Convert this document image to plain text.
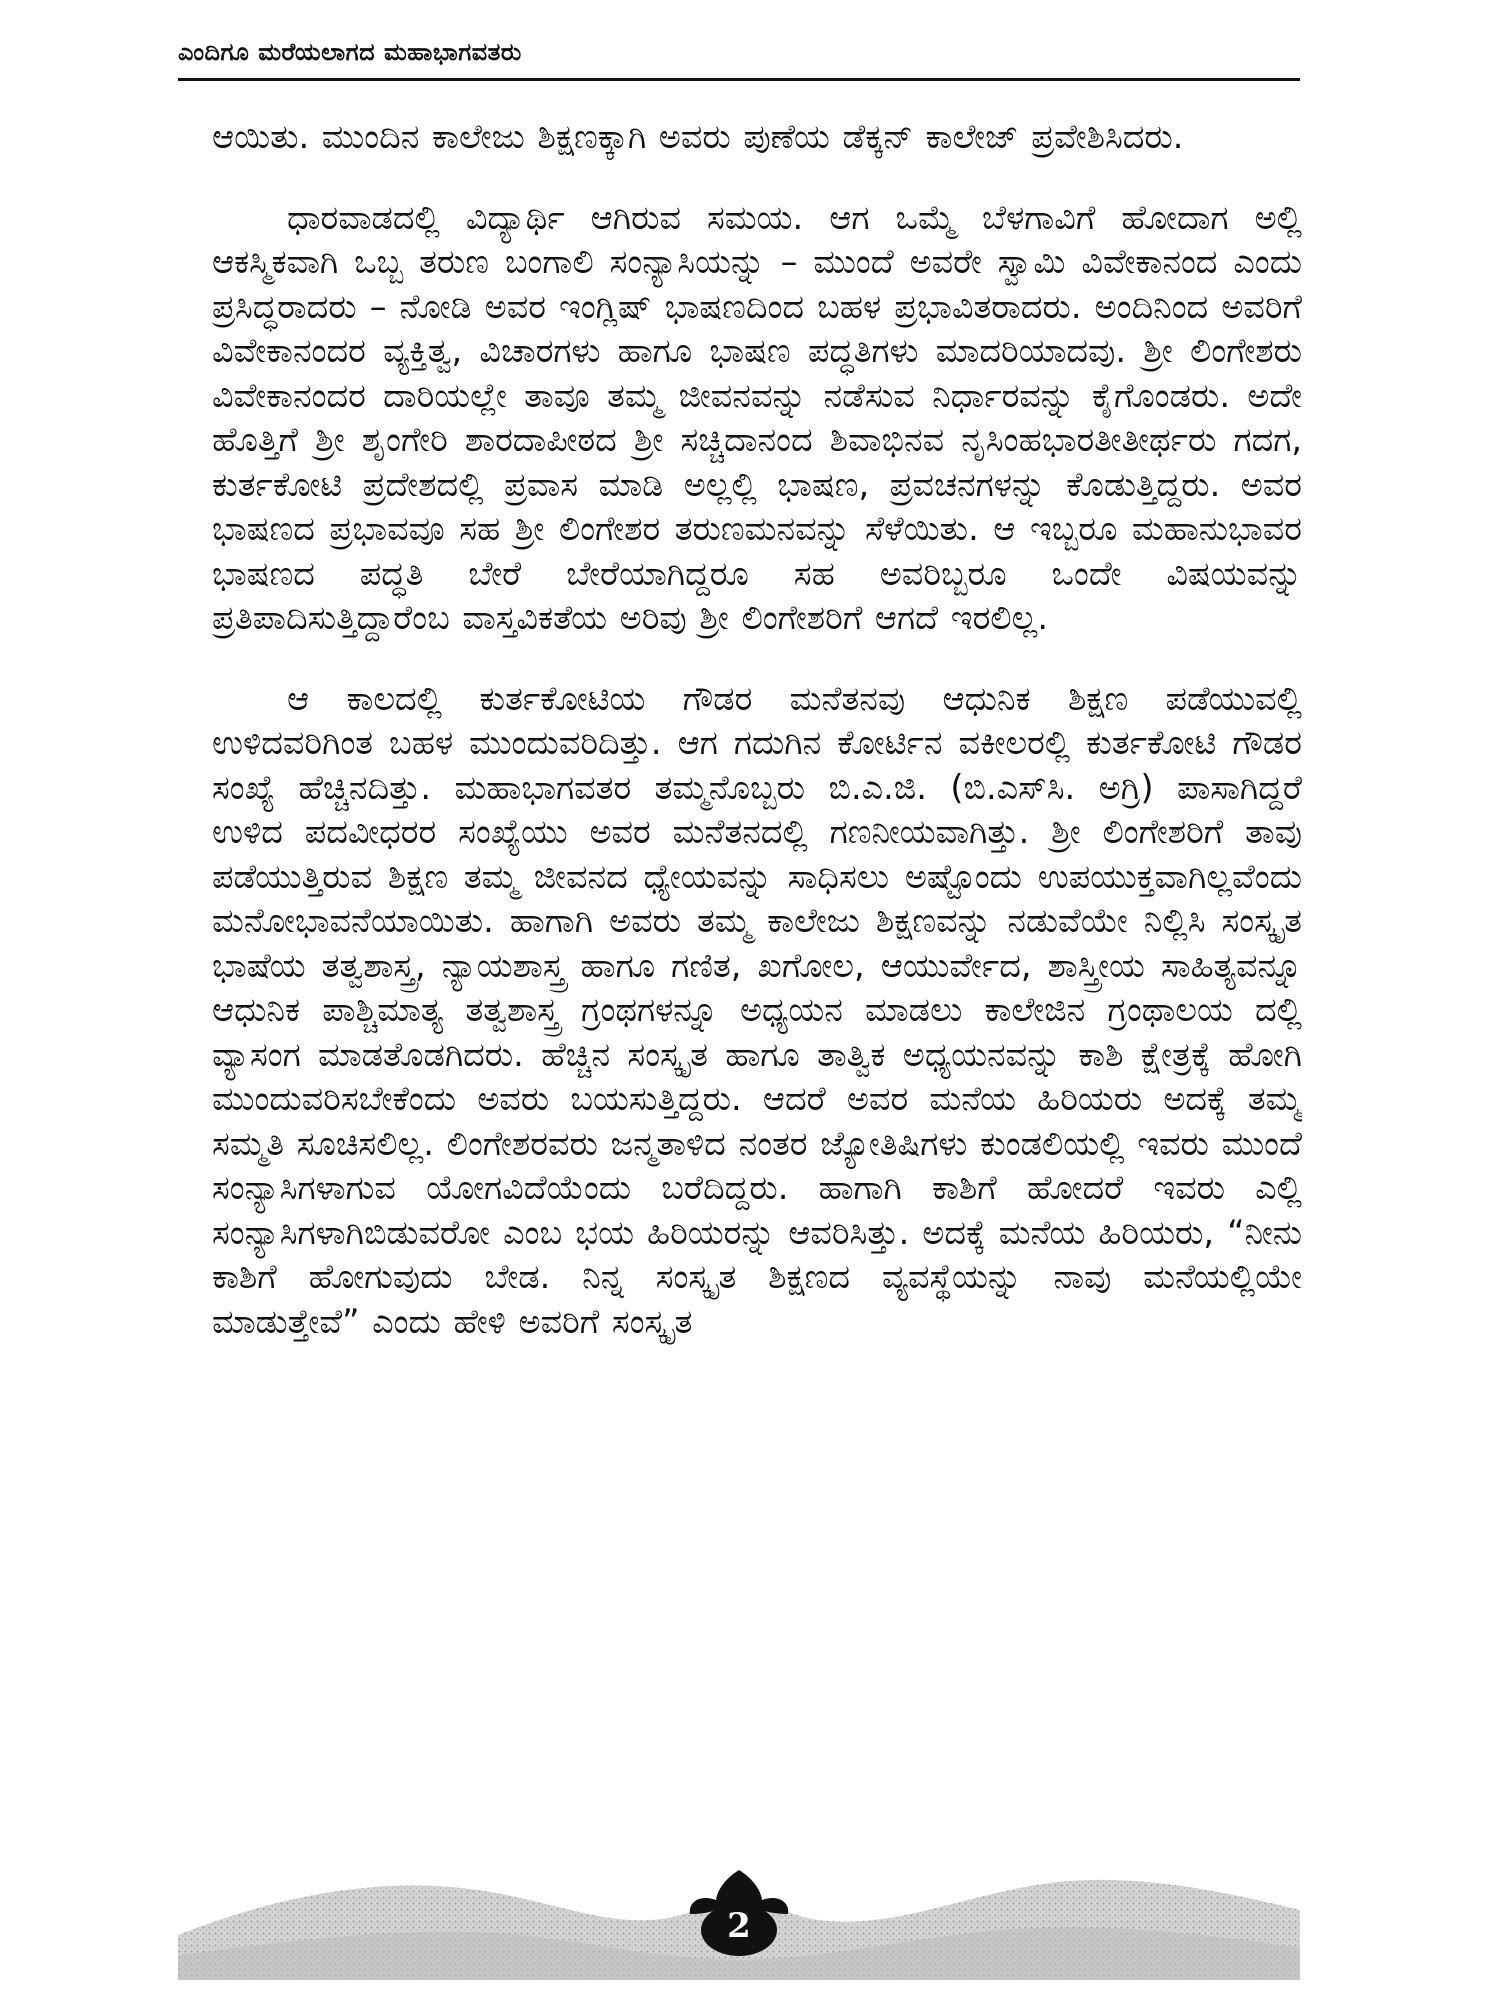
ಎಂದಿಗೂ ಮರೆಯಲಾಗದ ಮಹಾಭಾಗವತರು

ಆಯಿತು. ಮುಂದಿನ ಕಾಲೇಜು ಶಿಕ್ಷಣಕ್ಕಾಗಿ ಅವರು ಪುಣೆಯ ಡೆಕ್ಕನ್ ಕಾಲೇಜ್ ಪ್ರವೇಶಿಸಿದರು.

ಧಾರವಾಡದಲ್ಲಿ ವಿದ್ಯಾರ್ಥಿ ಆಗಿರುವ ಸಮಯ. ಆಗ ಒಮ್ಮೆ ಬೆಳಗಾವಿಗೆ ಹೋದಾಗ ಅಲ್ಲಿ ಆಕಸ್ಮಿಕವಾಗಿ ಒಬ್ಬ ತರುಣ ಬಂಗಾಲಿ ಸಂನ್ಯಾಸಿಯನ್ನು – ಮುಂದೆ ಅವರೇ ಸ್ವಾಮಿ ವಿವೇಕಾನಂದ ಎಂದು ಪ್ರಸಿದ್ಧರಾದರು – ನೋಡಿ ಅವರ ಇಂಗ್ಲಿಷ್ ಭಾಷಣದಿಂದ ಬಹಳ ಪ್ರಭಾವಿತರಾದರು. ಅಂದಿನಿಂದ ಅವರಿಗೆ ವಿವೇಕಾನಂದರ ವ್ಯಕ್ತಿತ್ವ, ವಿಚಾರಗಳು ಹಾಗೂ ಭಾಷಣ ಪದ್ಧತಿಗಳು ಮಾದರಿಯಾದವು. ಶ್ರೀ ಲಿಂಗೇಶರು ವಿವೇಕಾನಂದರ ದಾರಿಯಲ್ಲೇ ತಾವೂ ತಮ್ಮ ಜೀವನವನ್ನು ನಡೆಸುವ ನಿರ್ಧಾರವನ್ನು ಕೈಗೊಂಡರು. ಅದೇ ಹೊತ್ತಿಗೆ ಶ್ರೀ ಶೃಂಗೇರಿ ಶಾರದಾಪೀಠದ ಶ್ರೀ ಸಚ್ಚಿದಾನಂದ ಶಿವಾಭಿನವ ನೃಸಿಂಹಭಾರತೀತೀರ್ಥರು ಗದಗ, ಕುರ್ತಕೋಟಿ ಪ್ರದೇಶದಲ್ಲಿ ಪ್ರವಾಸ ಮಾಡಿ ಅಲ್ಲಲ್ಲಿ ಭಾಷಣ, ಪ್ರವಚನಗಳನ್ನು ಕೊಡುತ್ತಿದ್ದರು. ಅವರ ಭಾಷಣದ ಪ್ರಭಾವವೂ ಸಹ ಶ್ರೀ ಲಿಂಗೇಶರ ತರುಣಮನವನ್ನು ಸೆಳೆಯಿತು. ಆ ಇಬ್ಬರೂ ಮಹಾನುಭಾವರ ಭಾಷಣದ ಪದ್ಧತಿ ಬೇರೆ ಬೇರೆಯಾಗಿದ್ದರೂ ಸಹ ಅವರಿಬ್ಬರೂ ಒಂದೇ ವಿಷಯವನ್ನು ಪ್ರತಿಪಾದಿಸುತ್ತಿದ್ದಾರೆಂಬ ವಾಸ್ತವಿಕತೆಯ ಅರಿವು ಶ್ರೀ ಲಿಂಗೇಶರಿಗೆ ಆಗದೆ ಇರಲಿಲ್ಲ.

ಆ ಕಾಲದಲ್ಲಿ ಕುರ್ತಕೋಟಿಯ ಗೌಡರ ಮನೆತನವು ಆಧುನಿಕ ಶಿಕ್ಷಣ ಪಡೆಯುವಲ್ಲಿ ಉಳಿದವರಿಗಿಂತ ಬಹಳ ಮುಂದುವರಿದಿತ್ತು. ಆಗ ಗದುಗಿನ ಕೋರ್ಟಿನ ವಕೀಲರಲ್ಲಿ ಕುರ್ತಕೋಟಿ ಗೌಡರ ಸಂಖ್ಯೆ ಹೆಚ್ಚಿನದಿತ್ತು. ಮಹಾಭಾಗವತರ ತಮ್ಮನೊಬ್ಬರು ಬಿ.ಎ.ಜಿ. (ಬಿ.ಎಸ್‌ಸಿ. ಅಗ್ರಿ) ಪಾಸಾಗಿದ್ದರೆ ಉಳಿದ ಪದವೀಧರರ ಸಂಖ್ಯೆಯು ಅವರ ಮನೆತನದಲ್ಲಿ ಗಣನೀಯವಾಗಿತ್ತು. ಶ್ರೀ ಲಿಂಗೇಶರಿಗೆ ತಾವು ಪಡೆಯುತ್ತಿರುವ ಶಿಕ್ಷಣ ತಮ್ಮ ಜೀವನದ ಧ್ಯೇಯವನ್ನು ಸಾಧಿಸಲು ಅಷ್ಟೊಂದು ಉಪಯುಕ್ತವಾಗಿಲ್ಲವೆಂದು ಮನೋಭಾವನೆಯಾಯಿತು. ಹಾಗಾಗಿ ಅವರು ತಮ್ಮ ಕಾಲೇಜು ಶಿಕ್ಷಣವನ್ನು ನಡುವೆಯೇ ನಿಲ್ಲಿಸಿ ಸಂಸ್ಕೃತ ಭಾಷೆಯ ತತ್ವಶಾಸ್ತ್ರ, ನ್ಯಾಯಶಾಸ್ತ್ರ ಹಾಗೂ ಗಣಿತ, ಖಗೋಲ, ಆಯುರ್ವೇದ, ಶಾಸ್ತ್ರೀಯ ಸಾಹಿತ್ಯವನ್ನೂ ಆಧುನಿಕ ಪಾಶ್ಚಿಮಾತ್ಯ ತತ್ವಶಾಸ್ತ್ರ ಗ್ರಂಥಗಳನ್ನೂ ಅಧ್ಯಯನ ಮಾಡಲು ಕಾಲೇಜಿನ ಗ್ರಂಥಾಲಯ ದಲ್ಲಿ ವ್ಯಾಸಂಗ ಮಾಡತೊಡಗಿದರು. ಹೆಚ್ಚಿನ ಸಂಸ್ಕೃತ ಹಾಗೂ ತಾತ್ವಿಕ ಅಧ್ಯಯನವನ್ನು ಕಾಶಿ ಕ್ಷೇತ್ರಕ್ಕೆ ಹೋಗಿ ಮುಂದುವರಿಸಬೇಕೆಂದು ಅವರು ಬಯಸುತ್ತಿದ್ದರು. ಆದರೆ ಅವರ ಮನೆಯ ಹಿರಿಯರು ಅದಕ್ಕೆ ತಮ್ಮ ಸಮ್ಮತಿ ಸೂಚಿಸಲಿಲ್ಲ. ಲಿಂಗೇಶರವರು ಜನ್ಮತಾಳಿದ ನಂತರ ಜ್ಯೋತಿಷಿಗಳು ಕುಂಡಲಿಯಲ್ಲಿ ಇವರು ಮುಂದೆ ಸಂನ್ಯಾಸಿಗಳಾಗುವ ಯೋಗವಿದೆಯೆಂದು ಬರೆದಿದ್ದರು. ಹಾಗಾಗಿ ಕಾಶಿಗೆ ಹೋದರೆ ಇವರು ಎಲ್ಲಿ ಸಂನ್ಯಾಸಿಗಳಾಗಿಬಿಡುವರೋ ಎಂಬ ಭಯ ಹಿರಿಯರನ್ನು ಆವರಿಸಿತ್ತು. ಅದಕ್ಕೆ ಮನೆಯ ಹಿರಿಯರು, “ನೀನು ಕಾಶಿಗೆ ಹೋಗುವುದು ಬೇಡ. ನಿನ್ನ ಸಂಸ್ಕೃತ ಶಿಕ್ಷಣದ ವ್ಯವಸ್ಥೆಯನ್ನು ನಾವು ಮನೆಯಲ್ಲಿಯೇ ಮಾಡುತ್ತೇವೆ” ಎಂದು ಹೇಳಿ ಅವರಿಗೆ ಸಂಸ್ಕೃತ

2
